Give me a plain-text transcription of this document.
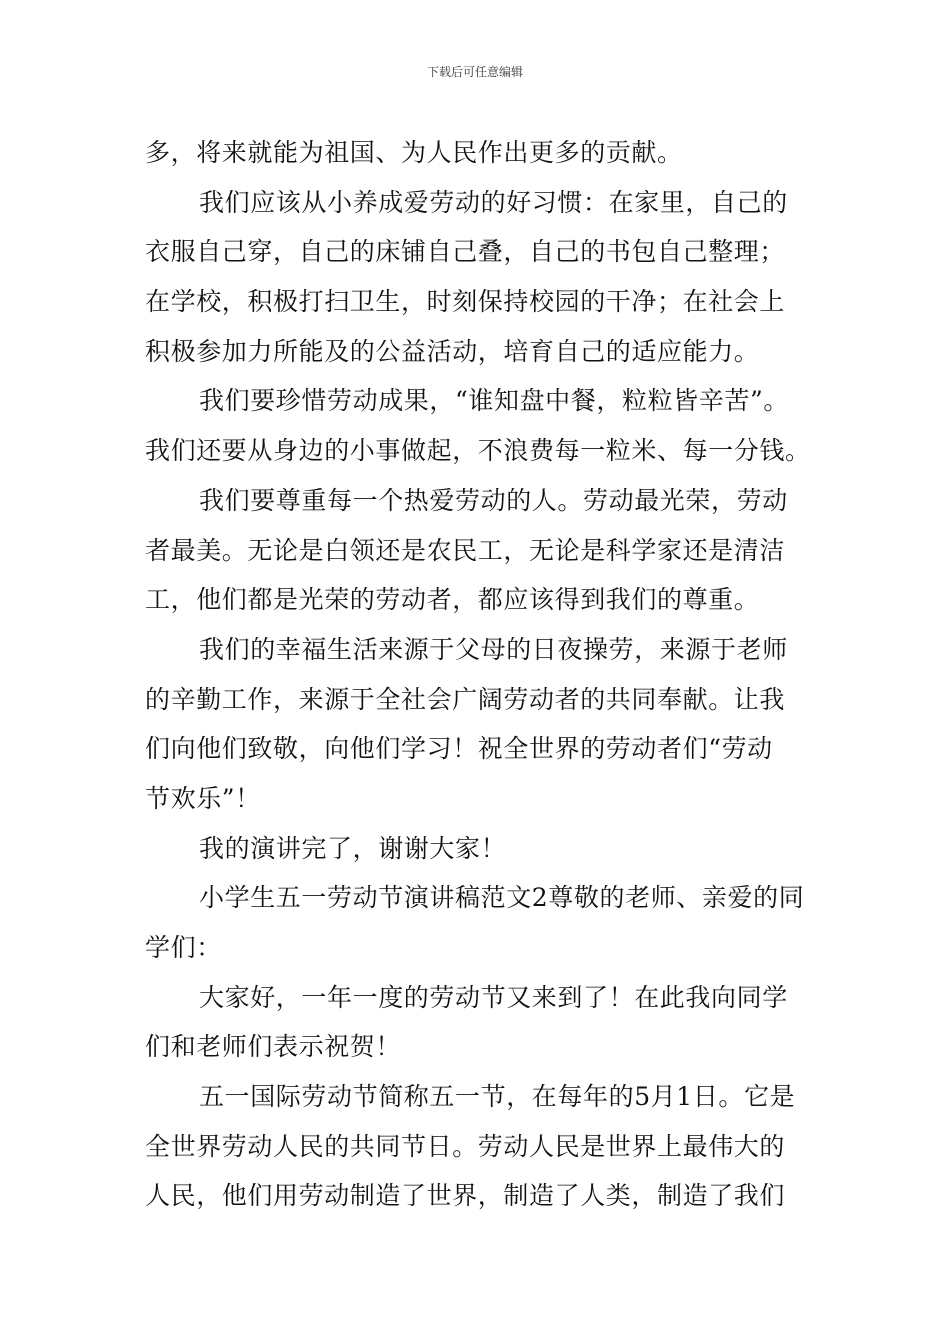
下载后可任意编辑
多，将来就能为祖国、为人民作出更多的贡献。
我们应该从小养成爱劳动的好习惯：在家里，自己的
衣服自己穿，自己的床铺自己叠，自己的书包自己整理；
在学校，积极打扫卫生，时刻保持校园的干净；在社会上
积极参加力所能及的公益活动，培育自己的适应能力。
我们要珍惜劳动成果，“谁知盘中餐，粒粒皆辛苦”。
我们还要从身边的小事做起，不浪费每一粒米、每一分钱。
我们要尊重每一个热爱劳动的人。劳动最光荣，劳动
者最美。无论是白领还是农民工，无论是科学家还是清洁
工，他们都是光荣的劳动者，都应该得到我们的尊重。
我们的幸福生活来源于父母的日夜操劳，来源于老师
的辛勤工作，来源于全社会广阔劳动者的共同奉献。让我
们向他们致敬，向他们学习！祝全世界的劳动者们“劳动
节欢乐”！
我的演讲完了，谢谢大家！
小学生五一劳动节演讲稿范文2尊敬的老师、亲爱的同
学们：
大家好，一年一度的劳动节又来到了！在此我向同学
们和老师们表示祝贺！
五一国际劳动节简称五一节，在每年的5月1日。它是
全世界劳动人民的共同节日。劳动人民是世界上最伟大的
人民，他们用劳动制造了世界，制造了人类，制造了我们
